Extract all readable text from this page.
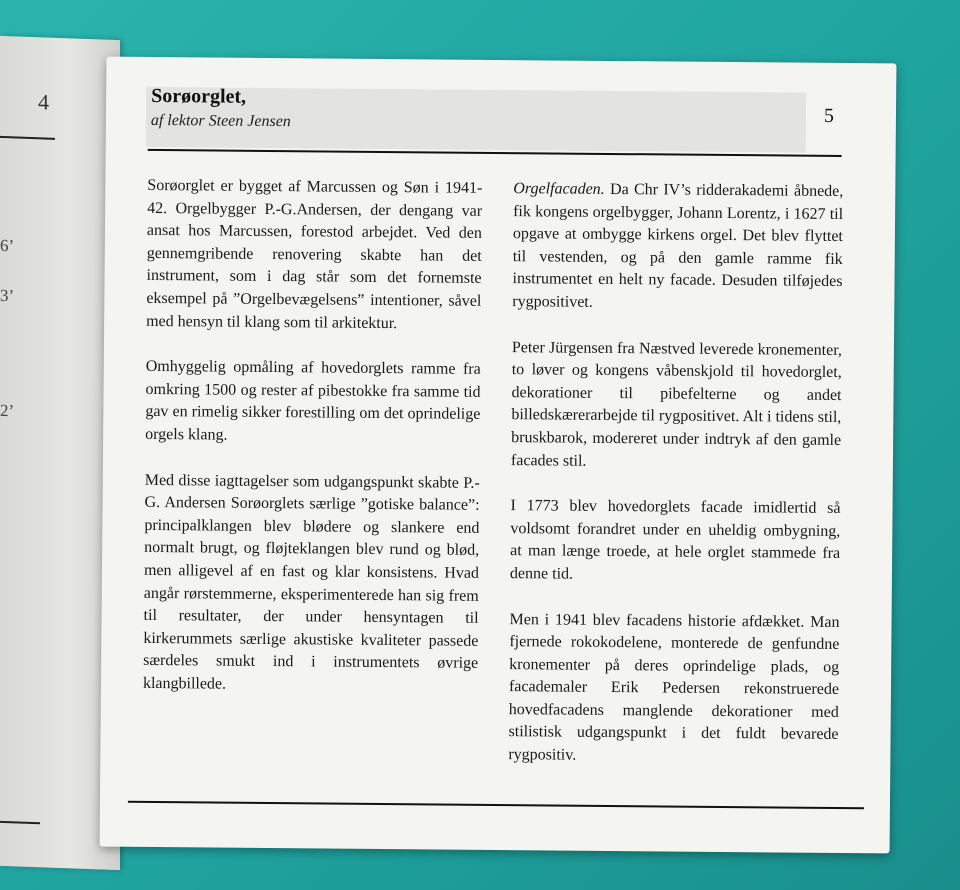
4
6’
3’
2’
Sorøorglet,
af lektor Steen Jensen	5

Sorøorglet er bygget af Marcussen og Søn i 1941-42. Orgelbygger P.-G.Andersen, der dengang var ansat hos Marcussen, forestod arbejdet. Ved den gennemgribende renovering skabte han det instrument, som i dag står som det fornemste eksempel på ”Orgelbevægelsens” intentioner, såvel med hensyn til klang som til arkitektur.

Omhyggelig opmåling af hovedorglets ramme fra omkring 1500 og rester af pibestokke fra samme tid gav en rimelig sikker forestilling om det oprindelige orgels klang.

Med disse iagttagelser som udgangspunkt skabte P.-G. Andersen Sorøorglets særlige ”gotiske balance”: principalklangen blev blødere og slankere end normalt brugt, og fløjteklangen blev rund og blød, men alligevel af en fast og klar konsistens. Hvad angår rørstemmerne, eksperimenterede han sig frem til resultater, der under hensyntagen til kirkerummets særlige akustiske kvaliteter passede særdeles smukt ind i instrumentets øvrige klangbillede.

Orgelfacaden. Da Chr IV’s ridderakademi åbnede, fik kongens orgelbygger, Johann Lorentz, i 1627 til opgave at ombygge kirkens orgel. Det blev flyttet til vestenden, og på den gamle ramme fik instrumentet en helt ny facade. Desuden tilføjedes rygpositivet.

Peter Jürgensen fra Næstved leverede kronementer, to løver og kongens våbenskjold til hovedorglet, dekorationer til pibefelterne og andet billedskærerarbejde til rygpositivet. Alt i tidens stil, bruskbarok, modereret under indtryk af den gamle facades stil.

I 1773 blev hovedorglets facade imidlertid så voldsomt forandret under en uheldig ombygning, at man længe troede, at hele orglet stammede fra denne tid.

Men i 1941 blev facadens historie afdækket. Man fjernede rokokodelene, monterede de genfundne kronementer på deres oprindelige plads, og facademaler Erik Pedersen rekonstruerede hovedfacadens manglende dekorationer med stilistisk udgangspunkt i det fuldt bevarede rygpositiv.
